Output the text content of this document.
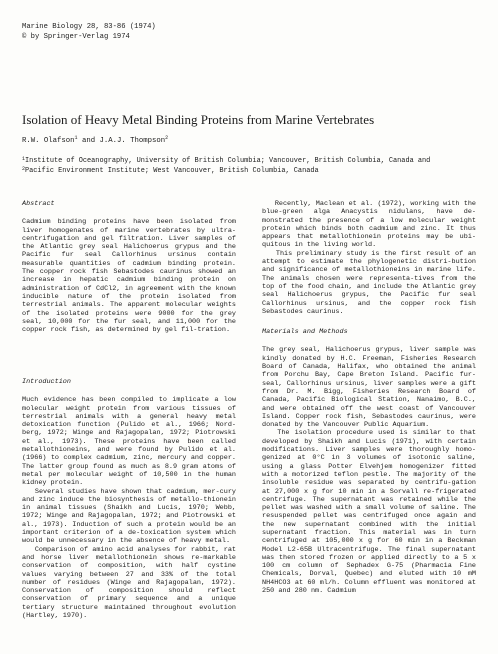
Marine Biology 28, 83-86 (1974)
© by Springer-Verlag 1974
Isolation of Heavy Metal Binding Proteins from Marine Vertebrates
R.W. Olafson$^1$ and J.A.J. Thompson$^2$
$^1$Institute of Oceanography, University of British Columbia; Vancouver, British Columbia, Canada and
$^2$Pacific Environment Institute; West Vancouver, British Columbia, Canada
Abstract

Cadmium binding proteins have been isolated from liver homogenates of marine vertebrates by ultra-centrifugation and gel filtration. Liver samples of the Atlantic grey seal Halichoerus grypus and the Pacific fur seal Callorhinus ursinus contain measurable quantities of cadmium binding protein. The copper rock fish Sebastodes caurinus showed an increase in hepatic cadmium binding protein on administration of CdCl2, in agreement with the known inducible nature of the protein isolated from terrestrial animals. The apparent molecular weights of the isolated proteins were 9000 for the grey seal, 10,000 for the fur seal, and 11,000 for the copper rock fish, as determined by gel fil-tration.

Introduction

Much evidence has been compiled to implicate a low molecular weight protein from various tissues of terrestrial animals with a general heavy metal detoxication function (Pulido et al., 1966; Nord-berg, 1972; Winge and Rajagopalan, 1972; Piotrowski et al., 1973). These proteins have been called metallothioneins, and were found by Pulido et al. (1966) to complex cadmium, zinc, mercury and copper. The latter group found as much as 8.9 gram atoms of metal per molecular weight of 10,500 in the human kidney protein.

Several studies have shown that cadmium, mer-cury and zinc induce the biosynthesis of metallo-thionein in animal tissues (Shaikh and Lucis, 1970; Webb, 1972; Winge and Rajagopalan, 1972; and Piotrowski et al., 1973). Induction of such a protein would be an important criterion of a de-toxication system which would be unnecessary in the absence of heavy metal.

Comparison of amino acid analyses for rabbit, rat and horse liver metallothionein shows re-markable conservation of composition, with half cystine values varying between 27 and 33% of the total number of residues (Winge and Rajagopalan, 1972). Conservation of composition should reflect conservation of primary sequence and a unique tertiary structure maintained throughout evolution (Hartley, 1970).

Recently, Maclean et al. (1972), working with the blue-green alga Anacystis nidulans, have de-monstrated the presence of a low molecular weight protein which binds both cadmium and zinc. It thus appears that metallothionein proteins may be ubi-quitous in the living world.

This preliminary study is the first result of an attempt to estimate the phylogenetic distri-bution and significance of metallothioneins in marine life. The animals chosen were representa-tives from the top of the food chain, and include the Atlantic grey seal Halichoerus grypus, the Pacific fur seal Callorhinus ursinus, and the copper rock fish Sebastodes caurinus.

Materials and Methods

The grey seal, Halichoerus grypus, liver sample was kindly donated by H.C. Freeman, Fisheries Research Board of Canada, Halifax, who obtained the animal from Porchu Bay, Cape Breton Island. Pacific fur-seal, Callorhinus ursinus, liver samples were a gift from Dr. M. Bigg, Fisheries Research Board of Canada, Pacific Biological Station, Nanaimo, B.C., and were obtained off the west coast of Vancouver Island. Copper rock fish, Sebastodes caurinus, were donated by the Vancouver Public Aquarium.

The isolation procedure used is similar to that developed by Shaikh and Lucis (1971), with certain modifications. Liver samples were thoroughly homo-genized at 0°C in 3 volumes of isotonic saline, using a glass Potter Elvehjem homogenizer fitted with a motorized teflon pestle. The majority of the insoluble residue was separated by centrifu-gation at 27,000 x g for 10 min in a Sorvall re-frigerated centrifuge. The supernatant was retained while the pellet was washed with a small volume of saline. The resuspended pellet was centrifuged once again and the new supernatant combined with the initial supernatant fraction. This material was in turn centrifuged at 105,000 x g for 60 min in a Beckman Model L2-65B Ultracentrifuge. The final supernatant was then stored frozen or applied directly to a 5 x 100 cm column of Sephadex G-75 (Pharmacia Fine Chemicals, Dorval, Quebec) and eluted with 10 mM NH4HCO3 at 60 ml/h. Column effluent was monitored at 250 and 280 nm. Cadmium
